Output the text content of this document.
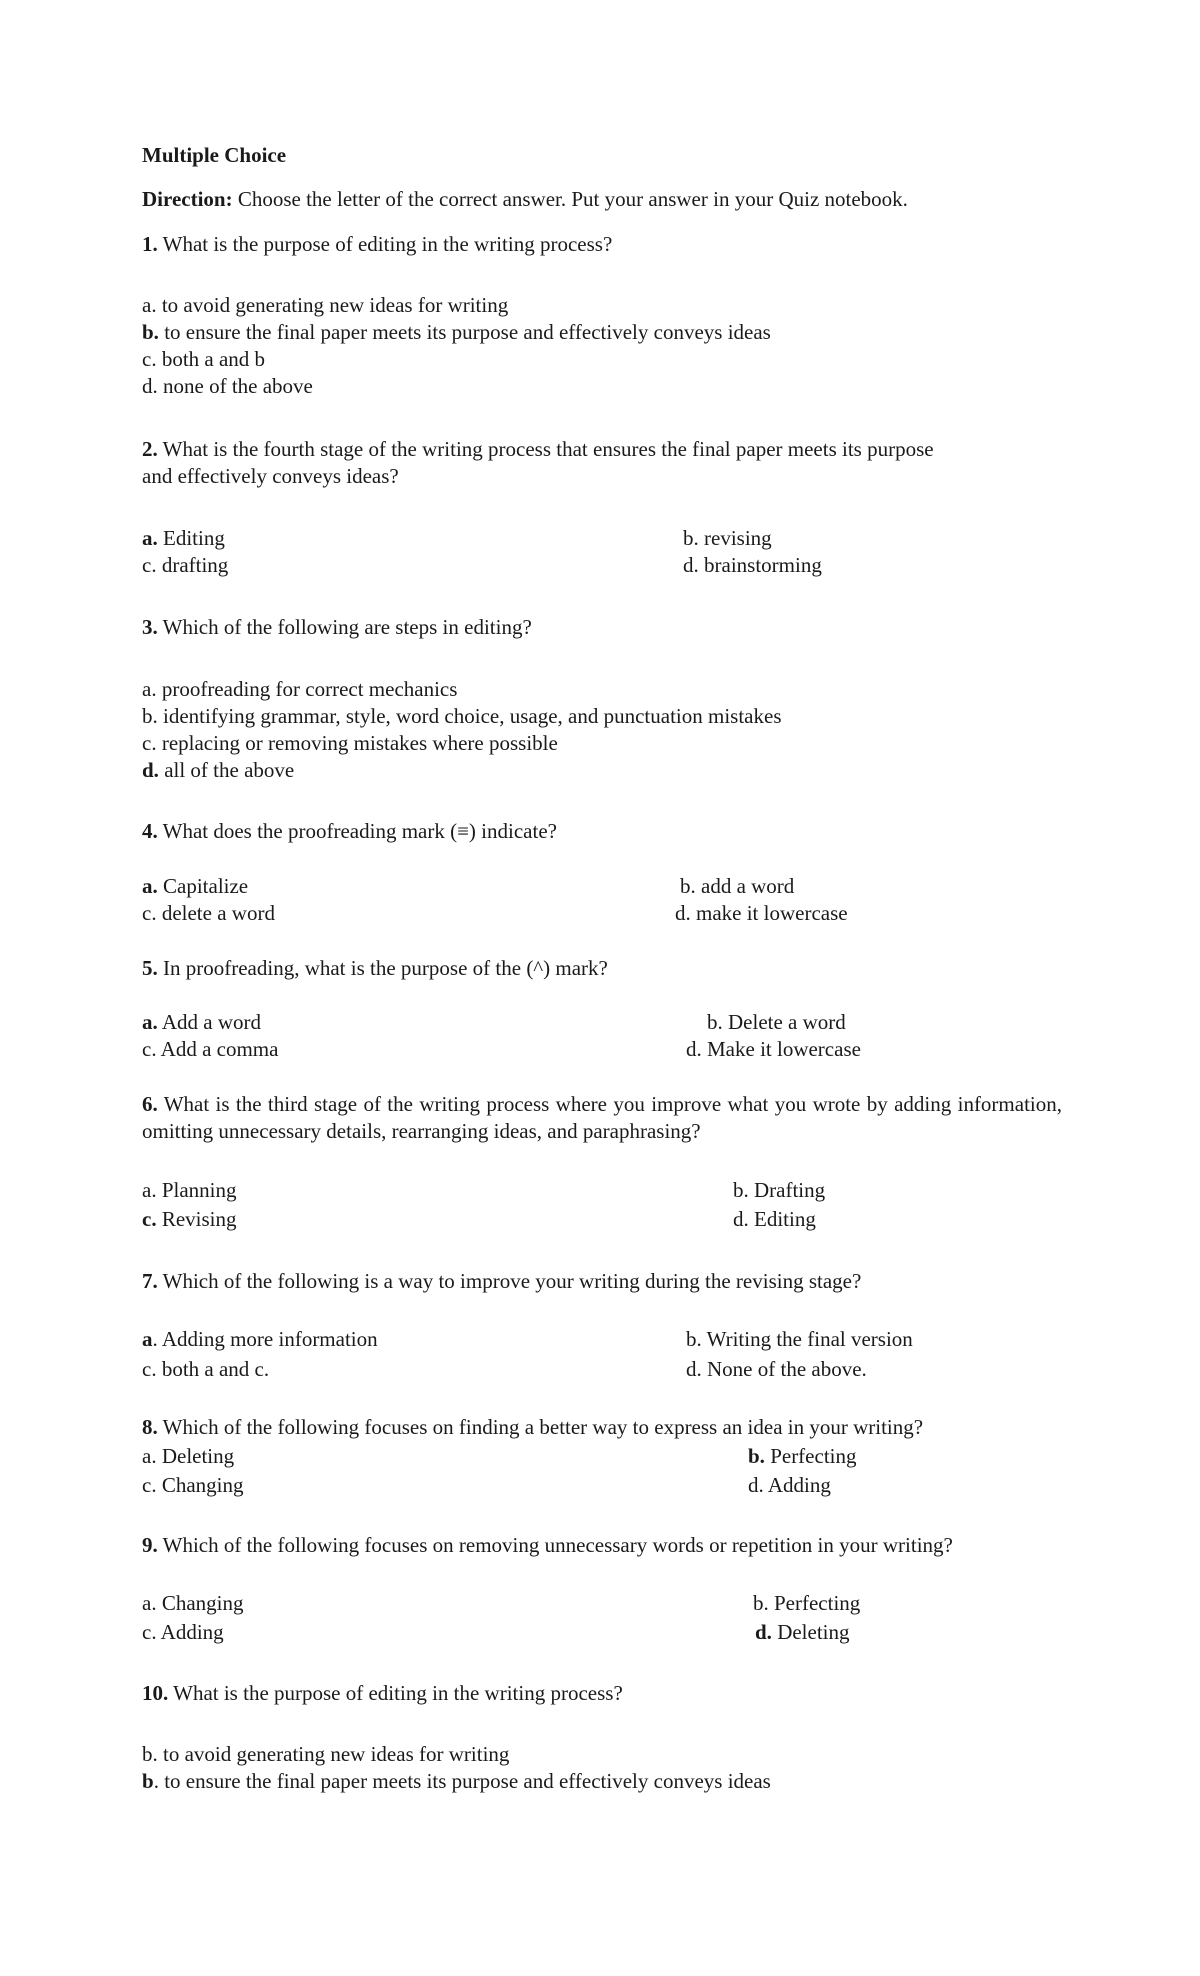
Multiple Choice
Direction: Choose the letter of the correct answer. Put your answer in your Quiz notebook.
1. What is the purpose of editing in the writing process?
a. to avoid generating new ideas for writing
b. to ensure the final paper meets its purpose and effectively conveys ideas
c. both a and b
d. none of the above
2. What is the fourth stage of the writing process that ensures the final paper meets its purpose
and effectively conveys ideas?
a. Editing	b. revising
c. drafting	d. brainstorming
3. Which of the following are steps in editing?
a. proofreading for correct mechanics
b. identifying grammar, style, word choice, usage, and punctuation mistakes
c. replacing or removing mistakes where possible
d. all of the above
4. What does the proofreading mark (≡) indicate?
a. Capitalize	b. add a word
c. delete a word	d. make it lowercase
5. In proofreading, what is the purpose of the (^) mark?
a. Add a word	b. Delete a word
c. Add a comma	d. Make it lowercase
6. What is the third stage of the writing process where you improve what you wrote by adding information, omitting unnecessary details, rearranging ideas, and paraphrasing?
a. Planning	b. Drafting
c. Revising	d. Editing
7. Which of the following is a way to improve your writing during the revising stage?
a. Adding more information	b. Writing the final version
c. both a and c.	d. None of the above.
8. Which of the following focuses on finding a better way to express an idea in your writing?
a. Deleting	b. Perfecting
c. Changing	d. Adding
9. Which of the following focuses on removing unnecessary words or repetition in your writing?
a. Changing	b. Perfecting
c. Adding	d. Deleting
10. What is the purpose of editing in the writing process?
b. to avoid generating new ideas for writing
b. to ensure the final paper meets its purpose and effectively conveys ideas
